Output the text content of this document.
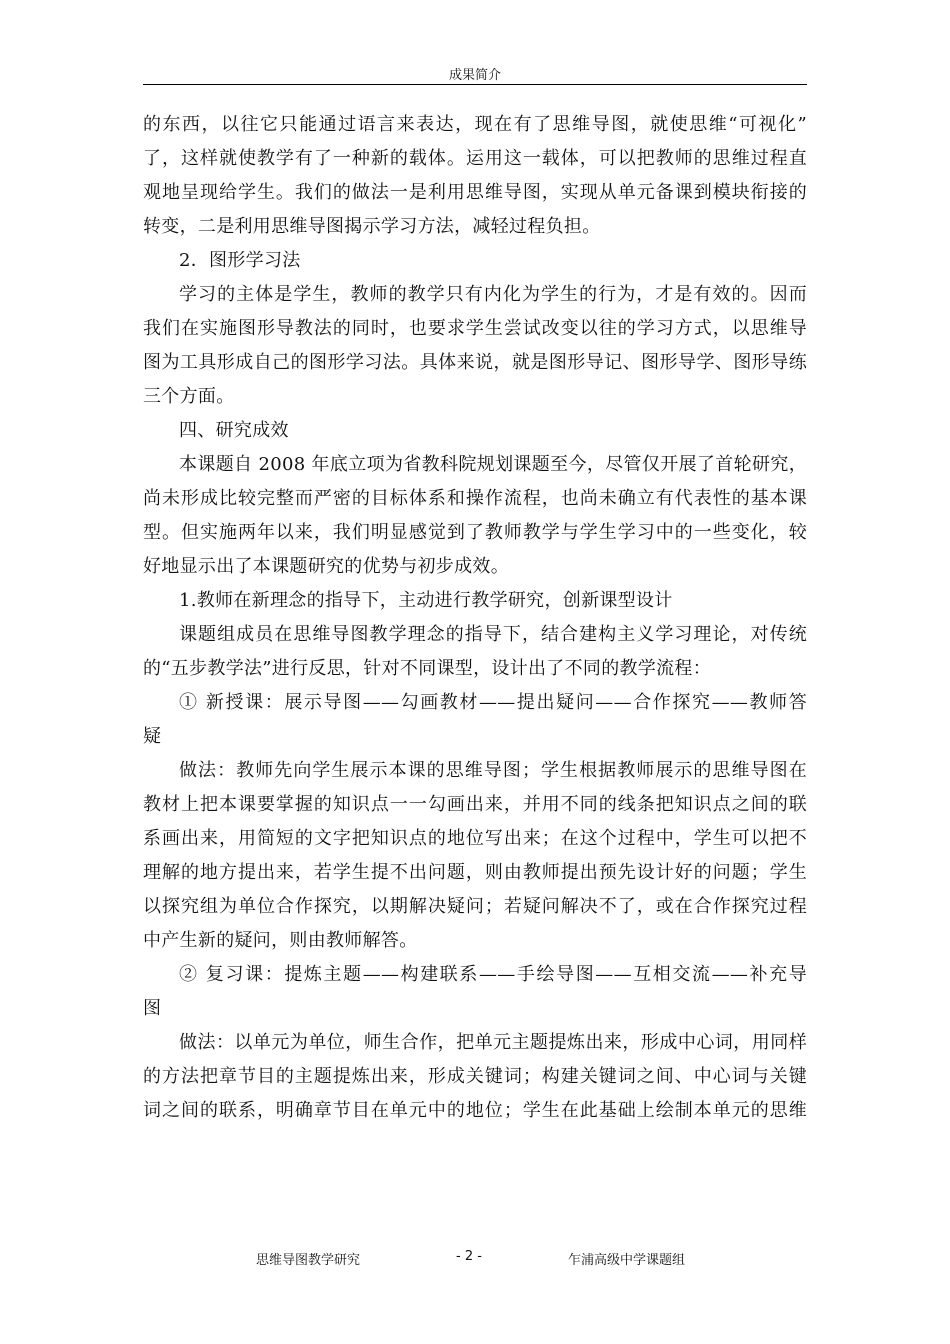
成果简介

的东西，以往它只能通过语言来表达，现在有了思维导图，就使思维“可视化”

了，这样就使教学有了一种新的载体。运用这一载体，可以把教师的思维过程直

观地呈现给学生。我们的做法一是利用思维导图，实现从单元备课到模块衔接的

转变，二是利用思维导图揭示学习方法，减轻过程负担。

2．图形学习法

学习的主体是学生，教师的教学只有内化为学生的行为，才是有效的。因而

我们在实施图形导教法的同时，也要求学生尝试改变以往的学习方式，以思维导

图为工具形成自己的图形学习法。具体来说，就是图形导记、图形导学、图形导练

三个方面。

四、研究成效

本课题自 2008 年底立项为省教科院规划课题至今，尽管仅开展了首轮研究，

尚未形成比较完整而严密的目标体系和操作流程，也尚未确立有代表性的基本课

型。但实施两年以来，我们明显感觉到了教师教学与学生学习中的一些变化，较

好地显示出了本课题研究的优势与初步成效。

1.教师在新理念的指导下，主动进行教学研究，创新课型设计

课题组成员在思维导图教学理念的指导下，结合建构主义学习理论，对传统

的“五步教学法”进行反思，针对不同课型，设计出了不同的教学流程：

① 新授课：展示导图——勾画教材——提出疑问——合作探究——教师答

疑

做法：教师先向学生展示本课的思维导图；学生根据教师展示的思维导图在

教材上把本课要掌握的知识点一一勾画出来，并用不同的线条把知识点之间的联

系画出来，用简短的文字把知识点的地位写出来；在这个过程中，学生可以把不

理解的地方提出来，若学生提不出问题，则由教师提出预先设计好的问题；学生

以探究组为单位合作探究，以期解决疑问；若疑问解决不了，或在合作探究过程

中产生新的疑问，则由教师解答。

② 复习课：提炼主题——构建联系——手绘导图——互相交流——补充导

图

做法：以单元为单位，师生合作，把单元主题提炼出来，形成中心词，用同样

的方法把章节目的主题提炼出来，形成关键词；构建关键词之间、中心词与关键

词之间的联系，明确章节目在单元中的地位；学生在此基础上绘制本单元的思维

思维导图教学研究	- 2 -	乍浦高级中学课题组
